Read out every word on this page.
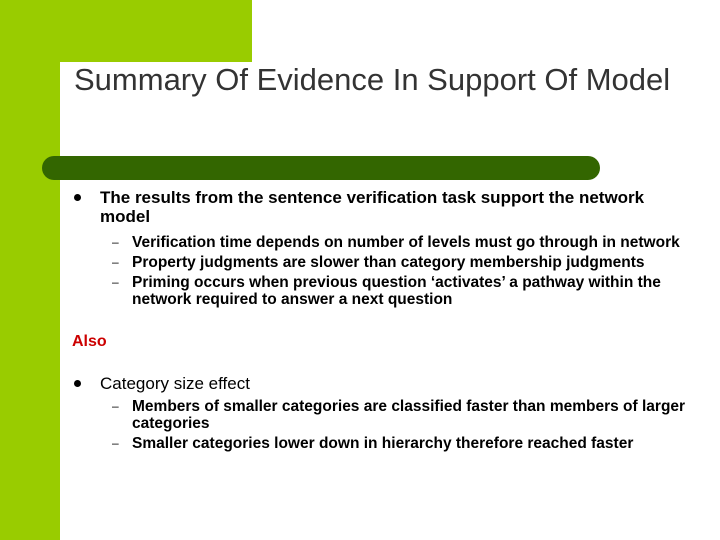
Summary Of Evidence In Support Of Model
The results from the sentence verification task support the network model
– Verification time depends on number of levels must go through in network
– Property judgments are slower than category membership judgments
– Priming occurs when previous question ‘activates’ a pathway within the network required to answer a next question
Also
Category size effect
– Members of smaller categories are classified faster than members of larger categories
– Smaller categories lower down in hierarchy therefore reached faster
